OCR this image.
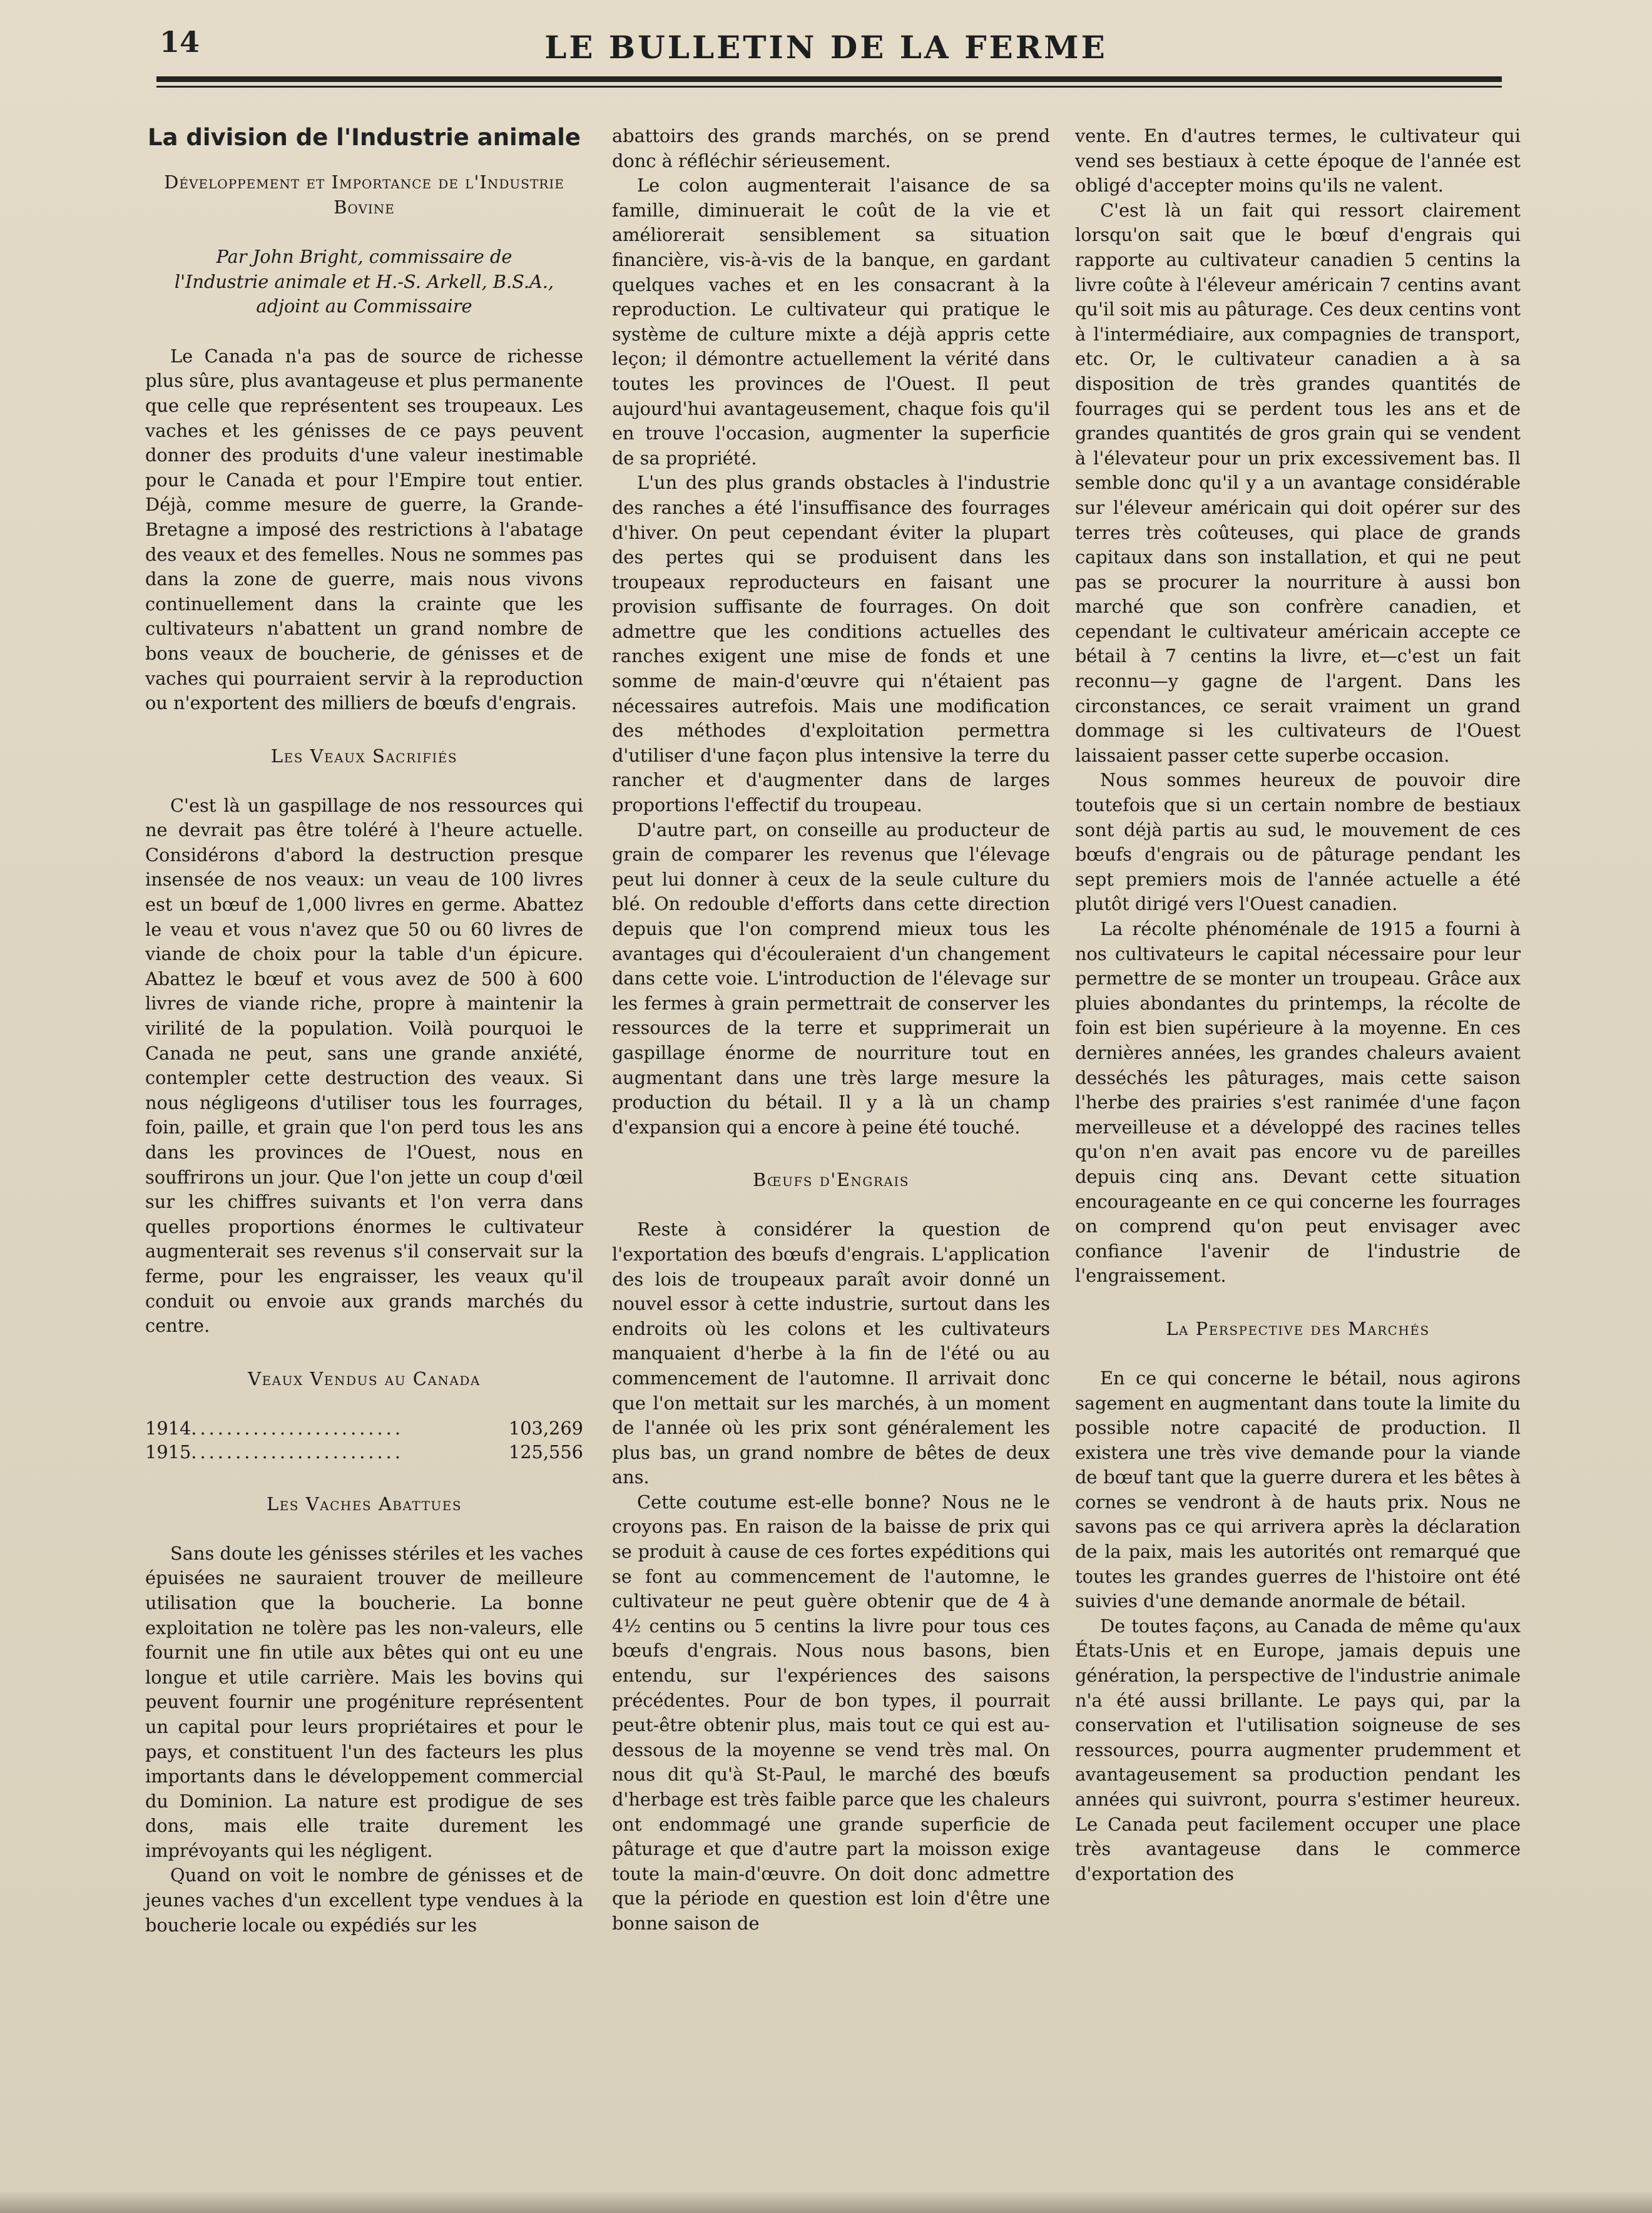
14	LE BULLETIN DE LA FERME
La division de l'Industrie animale

Développement et Importance de l'Industrie Bovine

Par John Bright, commissaire de l'Industrie animale et H.-S. Arkell, B.S.A., adjoint au Commissaire

Le Canada n'a pas de source de richesse plus sûre, plus avantageuse et plus permanente que celle que représentent ses troupeaux. Les vaches et les génisses de ce pays peuvent donner des produits d'une valeur inestimable pour le Canada et pour l'Empire tout entier. Déjà, comme mesure de guerre, la Grande-Bretagne a imposé des restrictions à l'abatage des veaux et des femelles. Nous ne sommes pas dans la zone de guerre, mais nous vivons continuellement dans la crainte que les cultivateurs n'abattent un grand nombre de bons veaux de boucherie, de génisses et de vaches qui pourraient servir à la reproduction ou n'exportent des milliers de bœufs d'engrais.

Les Veaux Sacrifiés

C'est là un gaspillage de nos ressources qui ne devrait pas être toléré à l'heure actuelle. Considérons d'abord la destruction presque insensée de nos veaux: un veau de 100 livres est un bœuf de 1,000 livres en germe. Abattez le veau et vous n'avez que 50 ou 60 livres de viande de choix pour la table d'un épicure. Abattez le bœuf et vous avez de 500 à 600 livres de viande riche, propre à maintenir la virilité de la population. Voilà pourquoi le Canada ne peut, sans une grande anxiété, contempler cette destruction des veaux. Si nous négligeons d'utiliser tous les fourrages, foin, paille, et grain que l'on perd tous les ans dans les provinces de l'Ouest, nous en souffrirons un jour. Que l'on jette un coup d'œil sur les chiffres suivants et l'on verra dans quelles proportions énormes le cultivateur augmenterait ses revenus s'il conservait sur la ferme, pour les engraisser, les veaux qu'il conduit ou envoie aux grands marchés du centre.

Veaux Vendus au Canada

1914 ........................	103,269
1915 ........................	125,556

Les Vaches Abattues

Sans doute les génisses stériles et les vaches épuisées ne sauraient trouver de meilleure utilisation que la boucherie. La bonne exploitation ne tolère pas les non-valeurs, elle fournit une fin utile aux bêtes qui ont eu une longue et utile carrière. Mais les bovins qui peuvent fournir une progéniture représentent un capital pour leurs propriétaires et pour le pays, et constituent l'un des facteurs les plus importants dans le développement commercial du Dominion. La nature est prodigue de ses dons, mais elle traite durement les imprévoyants qui les négligent.

Quand on voit le nombre de génisses et de jeunes vaches d'un excellent type vendues à la boucherie locale ou expédiés sur les

abattoirs des grands marchés, on se prend donc à réfléchir sérieusement.

Le colon augmenterait l'aisance de sa famille, diminuerait le coût de la vie et améliorerait sensiblement sa situation financière, vis-à-vis de la banque, en gardant quelques vaches et en les consacrant à la reproduction. Le cultivateur qui pratique le système de culture mixte a déjà appris cette leçon; il démontre actuellement la vérité dans toutes les provinces de l'Ouest. Il peut aujourd'hui avantageusement, chaque fois qu'il en trouve l'occasion, augmenter la superficie de sa propriété.

L'un des plus grands obstacles à l'industrie des ranches a été l'insuffisance des fourrages d'hiver. On peut cependant éviter la plupart des pertes qui se produisent dans les troupeaux reproducteurs en faisant une provision suffisante de fourrages. On doit admettre que les conditions actuelles des ranches exigent une mise de fonds et une somme de main-d'œuvre qui n'étaient pas nécessaires autrefois. Mais une modification des méthodes d'exploitation permettra d'utiliser d'une façon plus intensive la terre du rancher et d'augmenter dans de larges proportions l'effectif du troupeau.

D'autre part, on conseille au producteur de grain de comparer les revenus que l'élevage peut lui donner à ceux de la seule culture du blé. On redouble d'efforts dans cette direction depuis que l'on comprend mieux tous les avantages qui d'écouleraient d'un changement dans cette voie. L'introduction de l'élevage sur les fermes à grain permettrait de conserver les ressources de la terre et supprimerait un gaspillage énorme de nourriture tout en augmentant dans une très large mesure la production du bétail. Il y a là un champ d'expansion qui a encore à peine été touché.

Bœufs d'Engrais

Reste à considérer la question de l'exportation des bœufs d'engrais. L'application des lois de troupeaux paraît avoir donné un nouvel essor à cette industrie, surtout dans les endroits où les colons et les cultivateurs manquaient d'herbe à la fin de l'été ou au commencement de l'automne. Il arrivait donc que l'on mettait sur les marchés, à un moment de l'année où les prix sont généralement les plus bas, un grand nombre de bêtes de deux ans.

Cette coutume est-elle bonne? Nous ne le croyons pas. En raison de la baisse de prix qui se produit à cause de ces fortes expéditions qui se font au commencement de l'automne, le cultivateur ne peut guère obtenir que de 4 à 4½ centins ou 5 centins la livre pour tous ces bœufs d'engrais. Nous nous basons, bien entendu, sur l'expériences des saisons précédentes. Pour de bon types, il pourrait peut-être obtenir plus, mais tout ce qui est au-dessous de la moyenne se vend très mal. On nous dit qu'à St-Paul, le marché des bœufs d'herbage est très faible parce que les chaleurs ont endommagé une grande superficie de pâturage et que d'autre part la moisson exige toute la main-d'œuvre. On doit donc admettre que la période en question est loin d'être une bonne saison de

vente. En d'autres termes, le cultivateur qui vend ses bestiaux à cette époque de l'année est obligé d'accepter moins qu'ils ne valent.

C'est là un fait qui ressort clairement lorsqu'on sait que le bœuf d'engrais qui rapporte au cultivateur canadien 5 centins la livre coûte à l'éleveur américain 7 centins avant qu'il soit mis au pâturage. Ces deux centins vont à l'intermédiaire, aux compagnies de transport, etc. Or, le cultivateur canadien a à sa disposition de très grandes quantités de fourrages qui se perdent tous les ans et de grandes quantités de gros grain qui se vendent à l'élevateur pour un prix excessivement bas. Il semble donc qu'il y a un avantage considérable sur l'éleveur américain qui doit opérer sur des terres très coûteuses, qui place de grands capitaux dans son installation, et qui ne peut pas se procurer la nourriture à aussi bon marché que son confrère canadien, et cependant le cultivateur américain accepte ce bétail à 7 centins la livre, et—c'est un fait reconnu—y gagne de l'argent. Dans les circonstances, ce serait vraiment un grand dommage si les cultivateurs de l'Ouest laissaient passer cette superbe occasion.

Nous sommes heureux de pouvoir dire toutefois que si un certain nombre de bestiaux sont déjà partis au sud, le mouvement de ces bœufs d'engrais ou de pâturage pendant les sept premiers mois de l'année actuelle a été plutôt dirigé vers l'Ouest canadien.

La récolte phénoménale de 1915 a fourni à nos cultivateurs le capital nécessaire pour leur permettre de se monter un troupeau. Grâce aux pluies abondantes du printemps, la récolte de foin est bien supérieure à la moyenne. En ces dernières années, les grandes chaleurs avaient desséchés les pâturages, mais cette saison l'herbe des prairies s'est ranimée d'une façon merveilleuse et a développé des racines telles qu'on n'en avait pas encore vu de pareilles depuis cinq ans. Devant cette situation encourageante en ce qui concerne les fourrages on comprend qu'on peut envisager avec confiance l'avenir de l'industrie de l'engraissement.

La Perspective des Marchés

En ce qui concerne le bétail, nous agirons sagement en augmentant dans toute la limite du possible notre capacité de production. Il existera une très vive demande pour la viande de bœuf tant que la guerre durera et les bêtes à cornes se vendront à de hauts prix. Nous ne savons pas ce qui arrivera après la déclaration de la paix, mais les autorités ont remarqué que toutes les grandes guerres de l'histoire ont été suivies d'une demande anormale de bétail.

De toutes façons, au Canada de même qu'aux États-Unis et en Europe, jamais depuis une génération, la perspective de l'industrie animale n'a été aussi brillante. Le pays qui, par la conservation et l'utilisation soigneuse de ses ressources, pourra augmenter prudemment et avantageusement sa production pendant les années qui suivront, pourra s'estimer heureux. Le Canada peut facilement occuper une place très avantageuse dans le commerce d'exportation des
